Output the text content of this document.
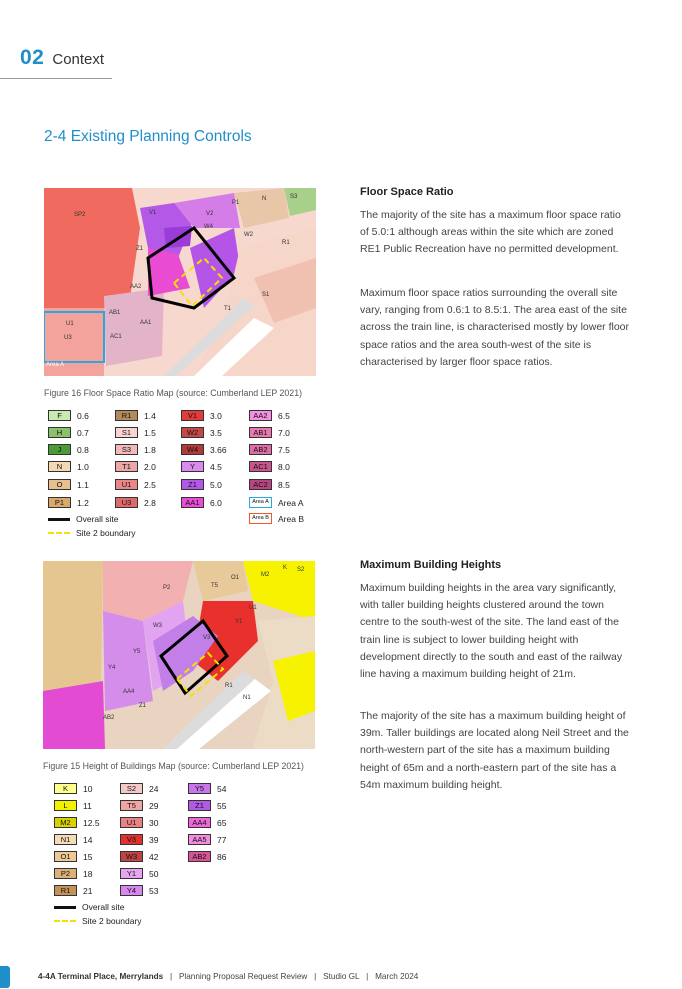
02 Context
2-4 Existing Planning Controls
SP2	V1	V2
W4
Z1
W2
AA1
AA2
P1
N	S3
R1
T1
AB1
S1
AC1
U1
U3
Area A
Figure 16 Floor Space Ratio Map (source: Cumberland LEP 2021)
F	0.6
H	0.7
J	0.8
N	1.0
O	1.1
P1	1.2
R1	1.4
S1	1.5
S3	1.8
T1	2.0
U1	2.5
U3	2.8
V1	3.0
W2	3.5
W4	3.66
Y	4.5
Z1	5.0
AA1	6.0
AA2	6.5
AB1	7.0
AB2	7.5
AC1	8.0
AC2	8.5
Area A	Area A
Area B	Area B
Overall site
Site 2 boundary
Floor Space Ratio
The majority of the site has a maximum floor space ratio of 5.0:1 although areas within the site which are zoned RE1 Public Recreation have no permitted development.
Maximum floor space ratios surrounding the overall site vary, ranging from 0.6:1 to 8.5:1. The area east of the site across the train line, is characterised mostly by lower floor space ratios and the area south-west of the site is characterised by larger floor space ratios.
K
M2
S2
O1
T5
P2
U1
V3
W3
Y5
Y1
Y4
R1
N1
AA4
AB2
Z1
Figure 15 Height of Buildings Map (source: Cumberland LEP 2021)
K	10
L	11
M2	12.5
N1	14
O1	15
P2	18
R1	21
S2	24
T5	29
U1	30
V3	39
W3	42
Y1	50
Y4	53
Y5	54
Z1	55
AA4	65
AA5	77
AB2	86
Overall site
Site 2 boundary
Maximum Building Heights
Maximum building heights in the area vary significantly, with taller building heights clustered around the town centre to the south-west of the site. The land east of the train line is subject to lower building height with development directly to the south and east of the railway line having a maximum building height of 21m.
The majority of the site has a maximum building height of 39m. Taller buildings are located along Neil Street and the north-western part of the site has a maximum building height of 65m and a north-eastern part of the site has a 54m maximum building height.
4-4A Terminal Place, Merrylands | Planning Proposal Request Review | Studio GL | March 2024
